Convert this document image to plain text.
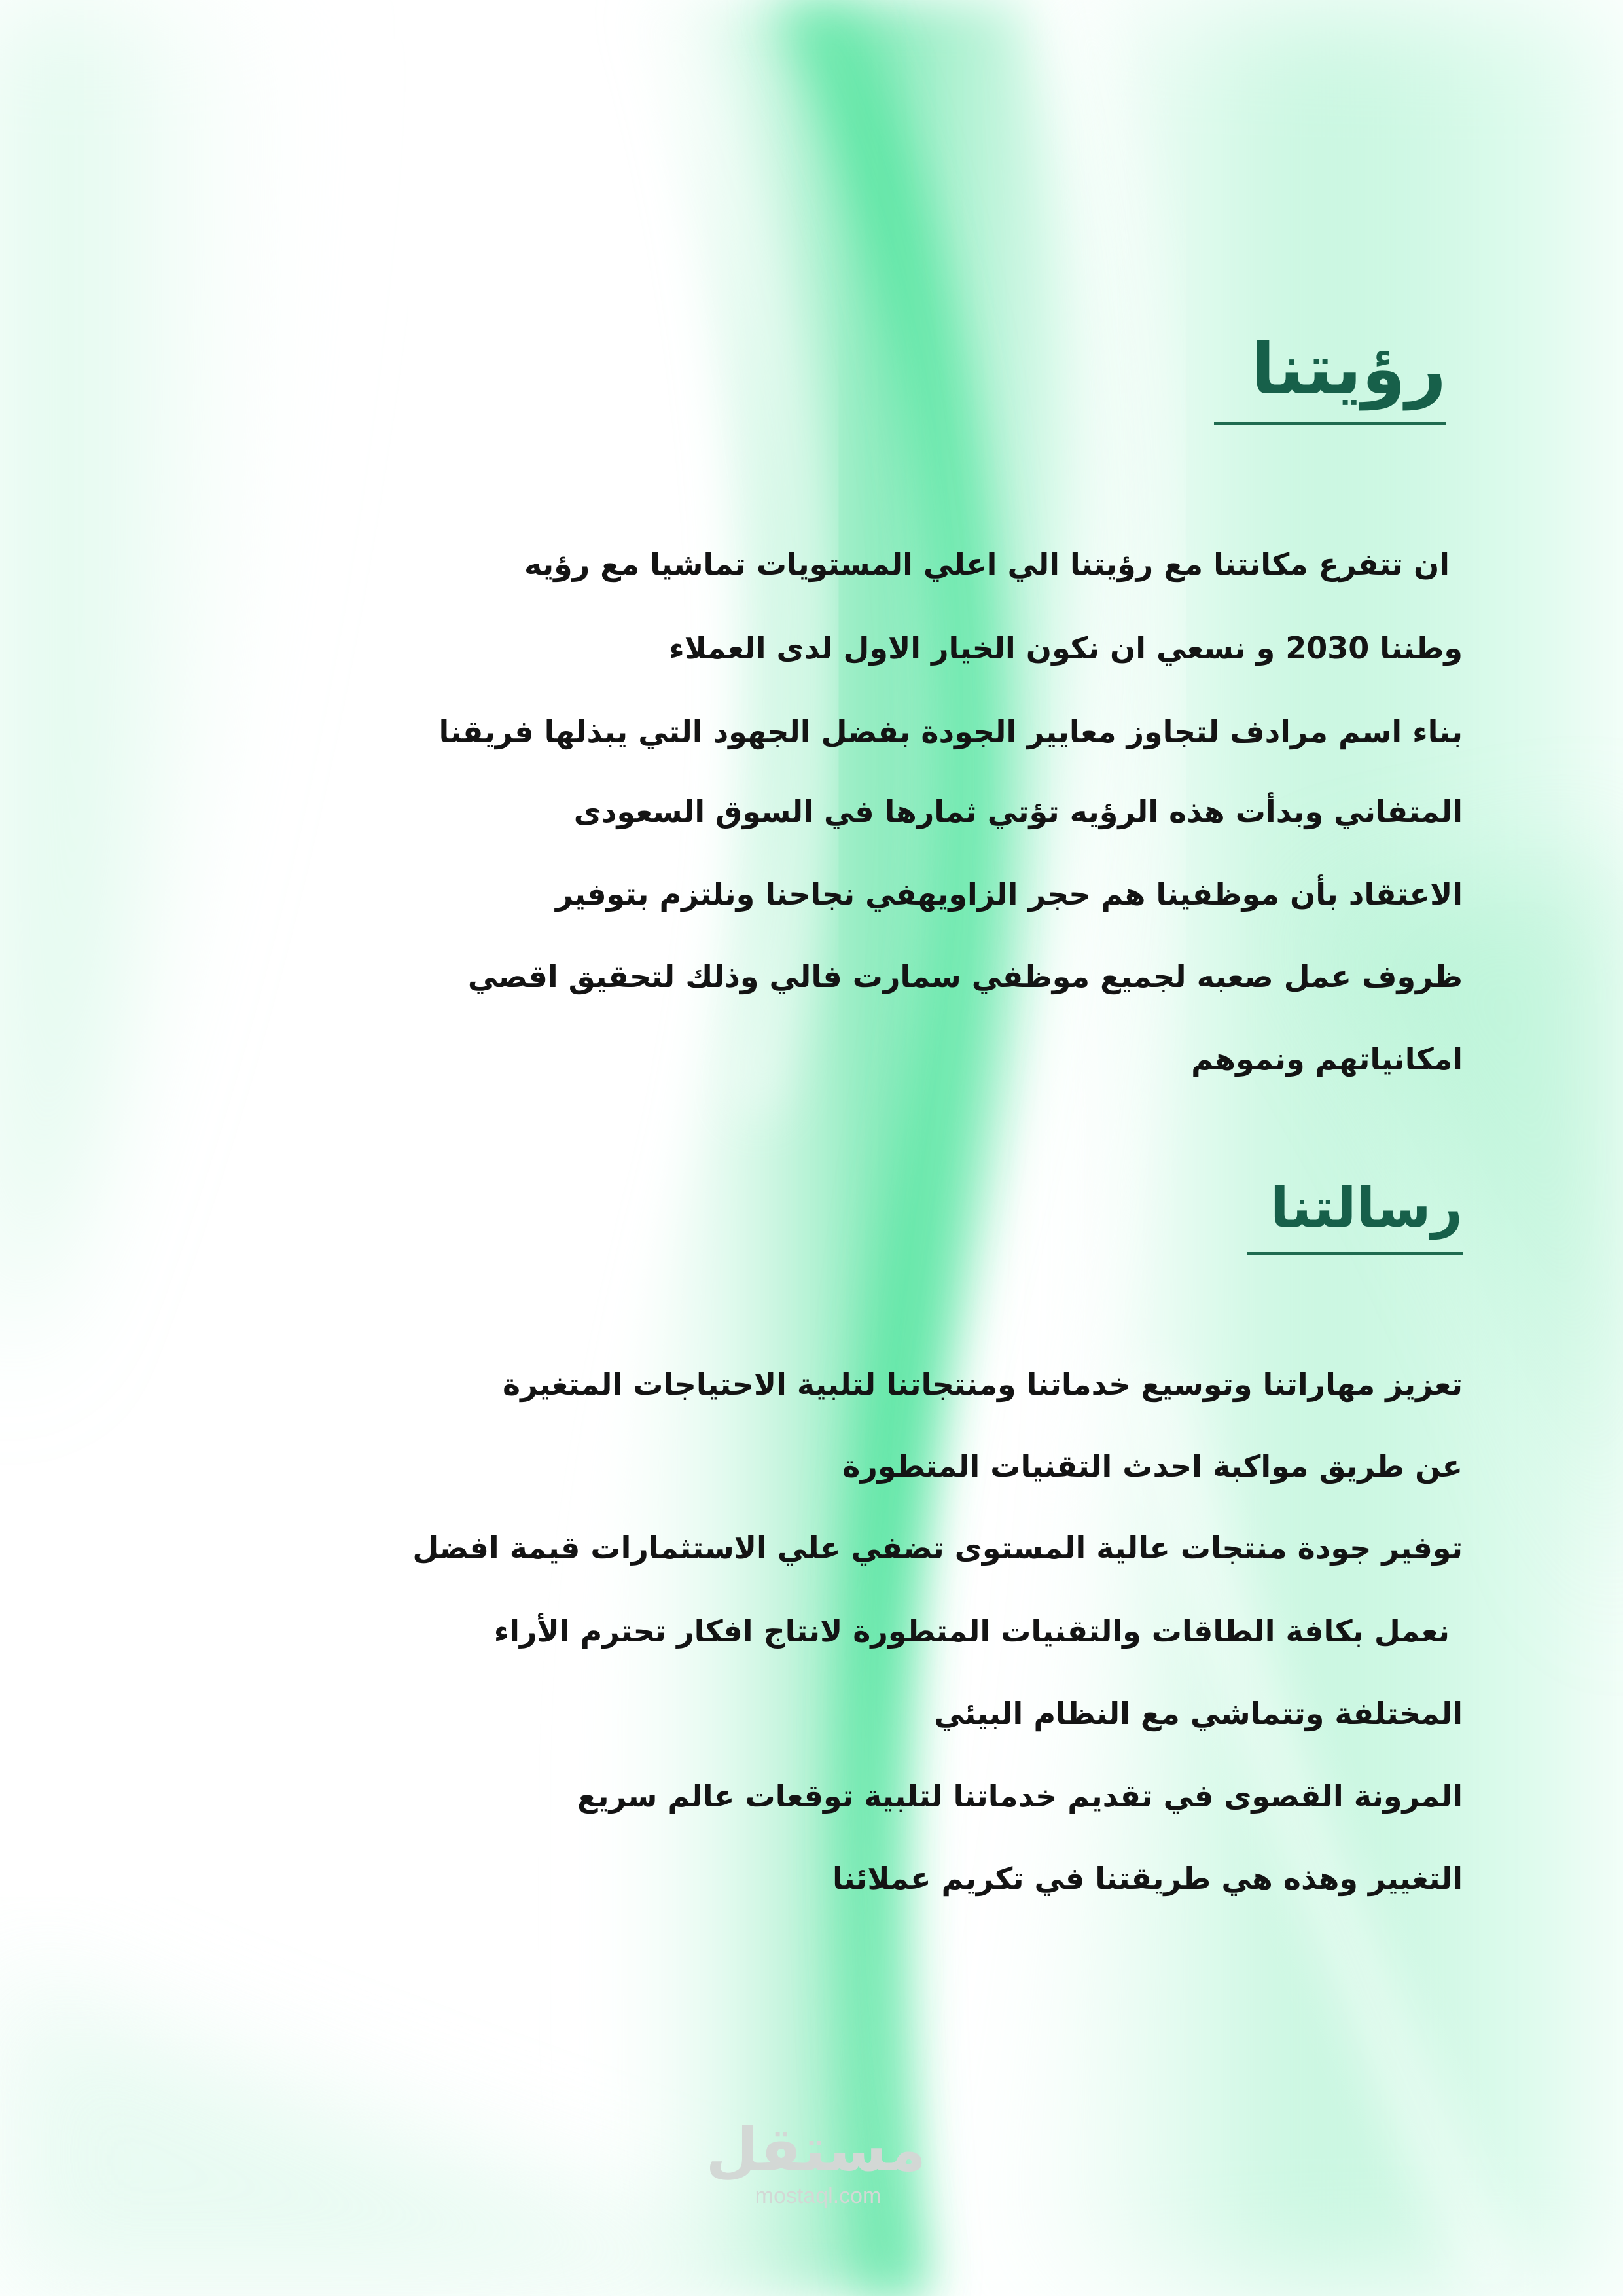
رؤيتنا

ان تتفرع مكانتنا مع رؤيتنا الي اعلي المستويات تماشيا مع رؤيه

وطننا 2030 و نسعي ان نكون الخيار الاول لدى العملاء

بناء اسم مرادف لتجاوز معايير الجودة بفضل الجهود التي يبذلها فريقنا

المتفاني وبدأت هذه الرؤيه تؤتي ثمارها في السوق السعودى

الاعتقاد بأن موظفينا هم حجر الزاويهفي نجاحنا ونلتزم بتوفير

ظروف عمل صعبه لجميع موظفي سمارت فالي وذلك لتحقيق اقصي

امكانياتهم ونموهم

رسالتنا

تعزيز مهاراتنا وتوسيع خدماتنا ومنتجاتنا لتلبية الاحتياجات المتغيرة

عن طريق مواكبة احدث التقنيات المتطورة

توفير جودة منتجات عالية المستوى تضفي علي الاستثمارات قيمة افضل

نعمل بكافة الطاقات والتقنيات المتطورة لانتاج افكار تحترم الأراء

المختلفة وتتماشي مع النظام البيئي

المرونة القصوى في تقديم خدماتنا لتلبية توقعات عالم سريع

التغيير وهذه هي طريقتنا في تكريم عملائنا

مستقل
mostaql.com
